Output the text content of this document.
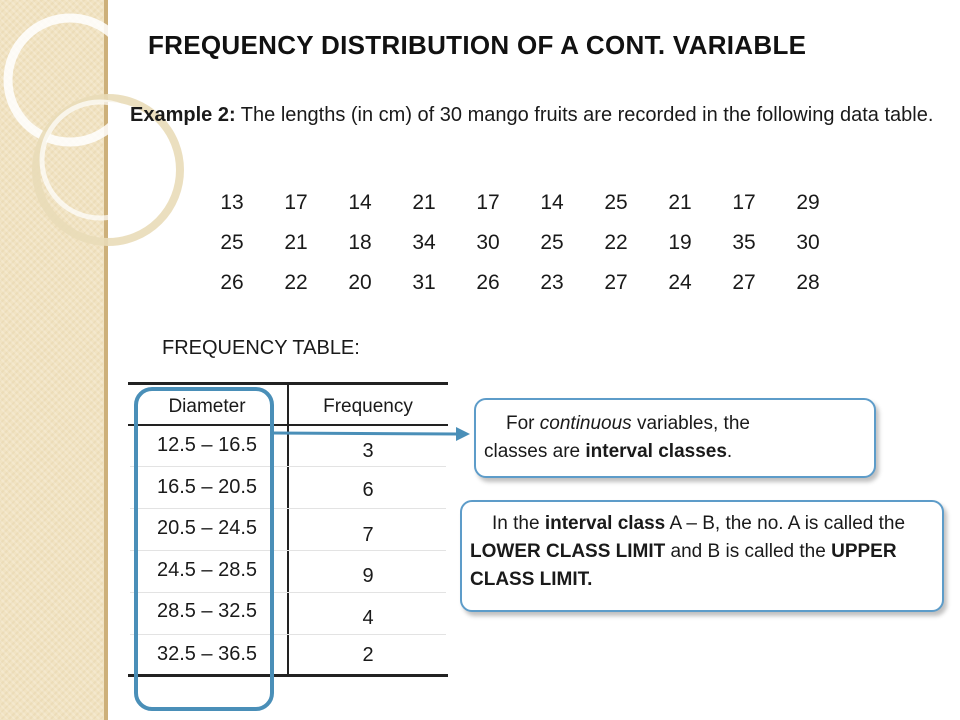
FREQUENCY DISTRIBUTION OF A CONT. VARIABLE
Example 2: The lengths (in cm) of 30 mango fruits are recorded in the following data table.
13	17	14	21	17	14	25	21	17	29
25	21	18	34	30	25	22	19	35	30
26	22	20	31	26	23	27	24	27	28
FREQUENCY TABLE:
Diameter	Frequency
12.5 – 16.5	3
16.5 – 20.5	6
20.5 – 24.5	7
24.5 – 28.5	9
28.5 – 32.5	4
32.5 – 36.5	2
For continuous variables, the
classes are interval classes.
In the interval class A – B, the no. A is called the LOWER CLASS LIMIT and B is called the UPPER CLASS LIMIT.
